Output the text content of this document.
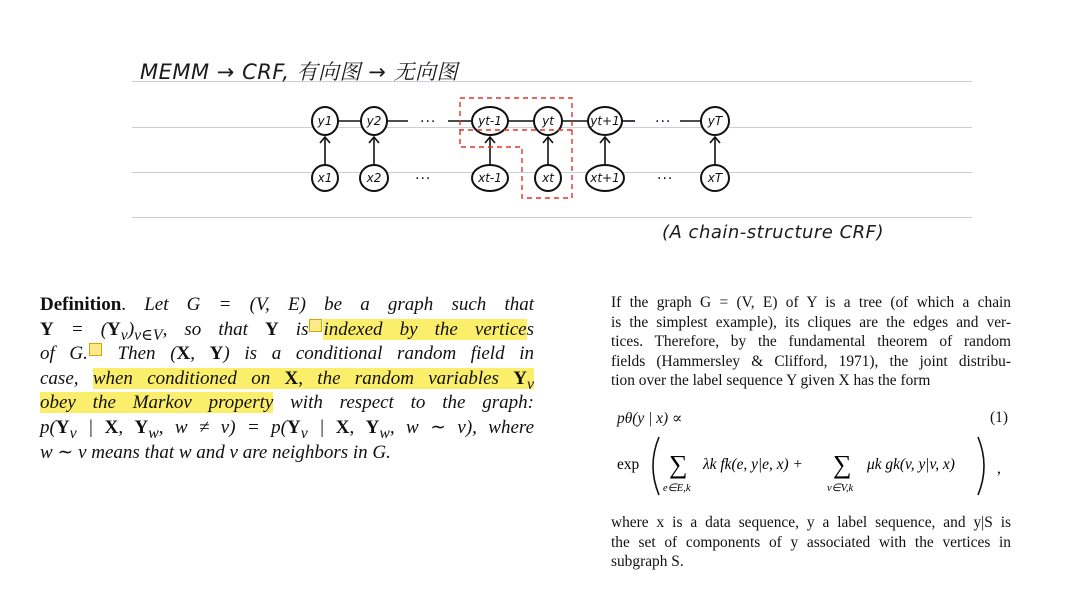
MEMM → CRF, 有向图 → 无向图
y1
x1
y2
x2
yt-1
xt-1
yt
xt
yt+1
xt+1
yT
xT
···	···
···	···
(A chain-structure CRF)
Definition. Let G = (V, E) be a graph such that
$Y = (Y_v)_{v\in V}$, so that Y is indexed by the vertices
of G. Then (X, Y) is a conditional random field in
case, when conditioned on X, the random variables $Y_v$
obey the Markov property with respect to the graph:
$p(Y_v$ | X, $Y_w$, $w \ne v) = p(Y_v$ | X, $Y_w$, w ∼ v), where
w ∼ v means that w and v are neighbors in G.
If the graph G = (V, E) of Y is a tree (of which a chain
is the simplest example), its cliques are the edges and ver-
tices. Therefore, by the fundamental theorem of random
fields (Hammersley & Clifford, 1971), the joint distribu-
tion over the label sequence Y given X has the form
pθ(y | x) ∝	(1)
exp ∑
e∈E,k
λk fk(e, y|e, x) + ∑
v∈V,k
μk gk(v, y|v, x)	,
where x is a data sequence, y a label sequence, and y|S is
the set of components of y associated with the vertices in
subgraph S.
